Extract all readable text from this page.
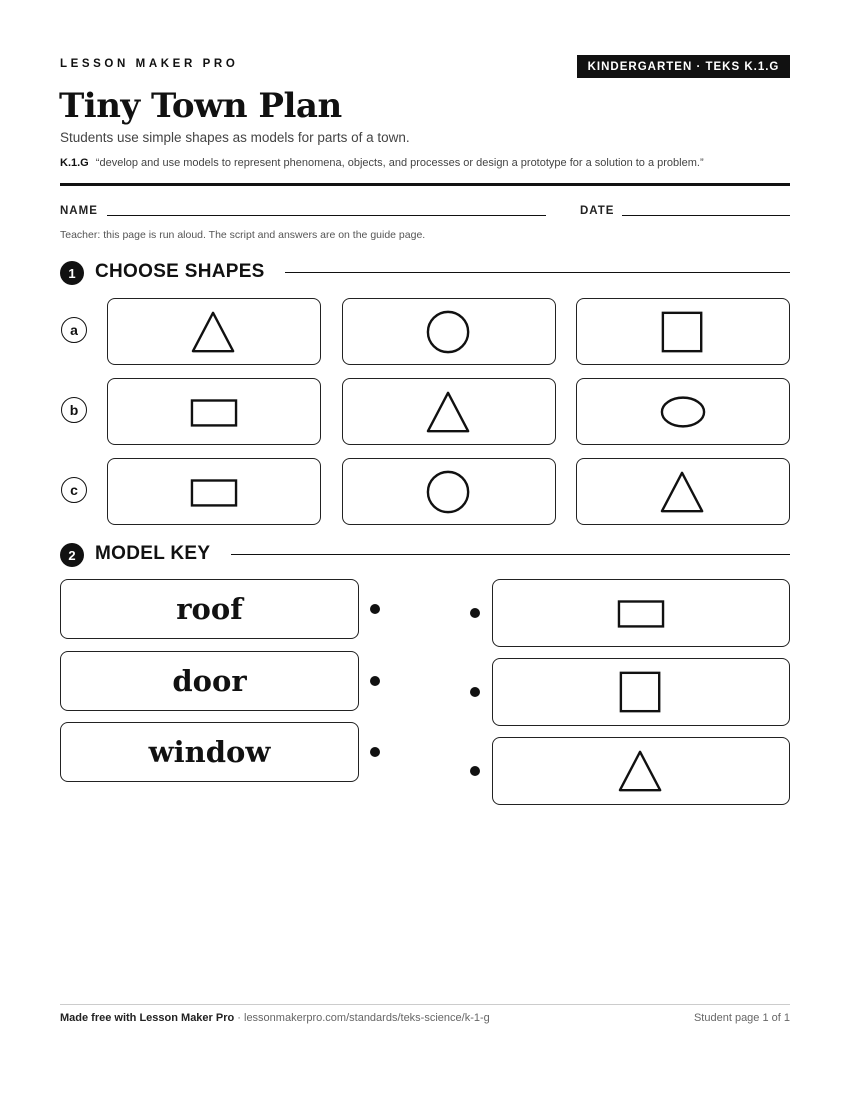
LESSON MAKER PRO	KINDERGARTEN · TEKS K.1.G
Tiny Town Plan
Students use simple shapes as models for parts of a town.
K.1.G “develop and use models to represent phenomena, objects, and processes or design a prototype for a solution to a problem.”
NAME	DATE
Teacher: this page is run aloud. The script and answers are on the guide page.
1	CHOOSE SHAPES
a
b
c
2	MODEL KEY
roof
door
window
Made free with Lesson Maker Pro · lessonmakerpro.com/standards/teks-science/k-1-g	Student page 1 of 1
